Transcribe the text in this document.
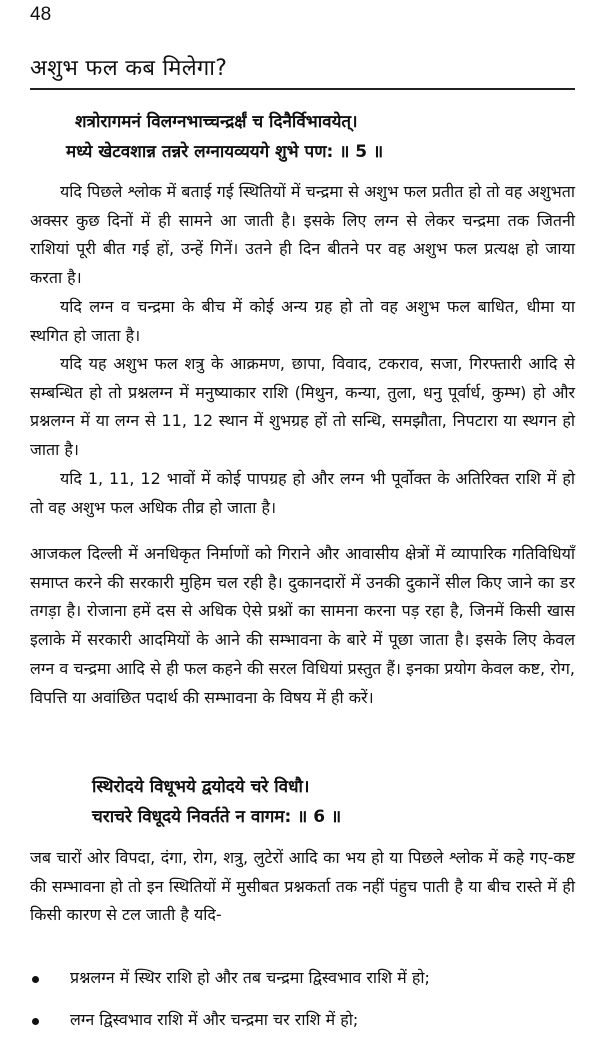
48
अशुभ फल कब मिलेगा?
शत्रोरागमनं विलग्नभाच्चन्द्रर्क्षं च दिनैर्विभावयेत्।
मध्ये खेटवशान्न तन्नरे लग्नायव्ययगे शुभे पण: ॥ 5 ॥

यदि पिछले श्लोक में बताई गई स्थितियों में चन्द्रमा से अशुभ फल प्रतीत हो तो वह अशुभता अक्सर कुछ दिनों में ही सामने आ जाती है। इसके लिए लग्न से लेकर चन्द्रमा तक जितनी राशियां पूरी बीत गई हों, उन्हें गिनें। उतने ही दिन बीतने पर वह अशुभ फल प्रत्यक्ष हो जाया करता है।

यदि लग्न व चन्द्रमा के बीच में कोई अन्य ग्रह हो तो वह अशुभ फल बाधित, धीमा या स्थगित हो जाता है।

यदि यह अशुभ फल शत्रु के आक्रमण, छापा, विवाद, टकराव, सजा, गिरफ्तारी आदि से सम्बन्धित हो तो प्रश्नलग्न में मनुष्याकार राशि (मिथुन, कन्या, तुला, धनु पूर्वार्ध, कुम्भ) हो और प्रश्नलग्न में या लग्न से 11, 12 स्थान में शुभग्रह हों तो सन्धि, समझौता, निपटारा या स्थगन हो जाता है।

यदि 1, 11, 12 भावों में कोई पापग्रह हो और लग्न भी पूर्वोक्त के अतिरिक्त राशि में हो तो वह अशुभ फल अधिक तीव्र हो जाता है।

आजकल दिल्ली में अनधिकृत निर्माणों को गिराने और आवासीय क्षेत्रों में व्यापारिक गतिविधियाँ समाप्त करने की सरकारी मुहिम चल रही है। दुकानदारों में उनकी दुकानें सील किए जाने का डर तगड़ा है। रोजाना हमें दस से अधिक ऐसे प्रश्नों का सामना करना पड़ रहा है, जिनमें किसी खास इलाके में सरकारी आदमियों के आने की सम्भावना के बारे में पूछा जाता है। इसके लिए केवल लग्न व चन्द्रमा आदि से ही फल कहने की सरल विधियां प्रस्तुत हैं। इनका प्रयोग केवल कष्ट, रोग, विपत्ति या अवांछित पदार्थ की सम्भावना के विषय में ही करें।

स्थिरोदये विधूभये द्वयोदये चरे विधौ।
चराचरे विधूदये निवर्तते न वागम: ॥ 6 ॥

जब चारों ओर विपदा, दंगा, रोग, शत्रु, लुटेरों आदि का भय हो या पिछले श्लोक में कहे गए-कष्ट की सम्भावना हो तो इन स्थितियों में मुसीबत प्रश्नकर्ता तक नहीं पंहुच पाती है या बीच रास्ते में ही किसी कारण से टल जाती है यदि-

प्रश्नलग्न में स्थिर राशि हो और तब चन्द्रमा द्विस्वभाव राशि में हो;
लग्न द्विस्वभाव राशि में और चन्द्रमा चर राशि में हो;
